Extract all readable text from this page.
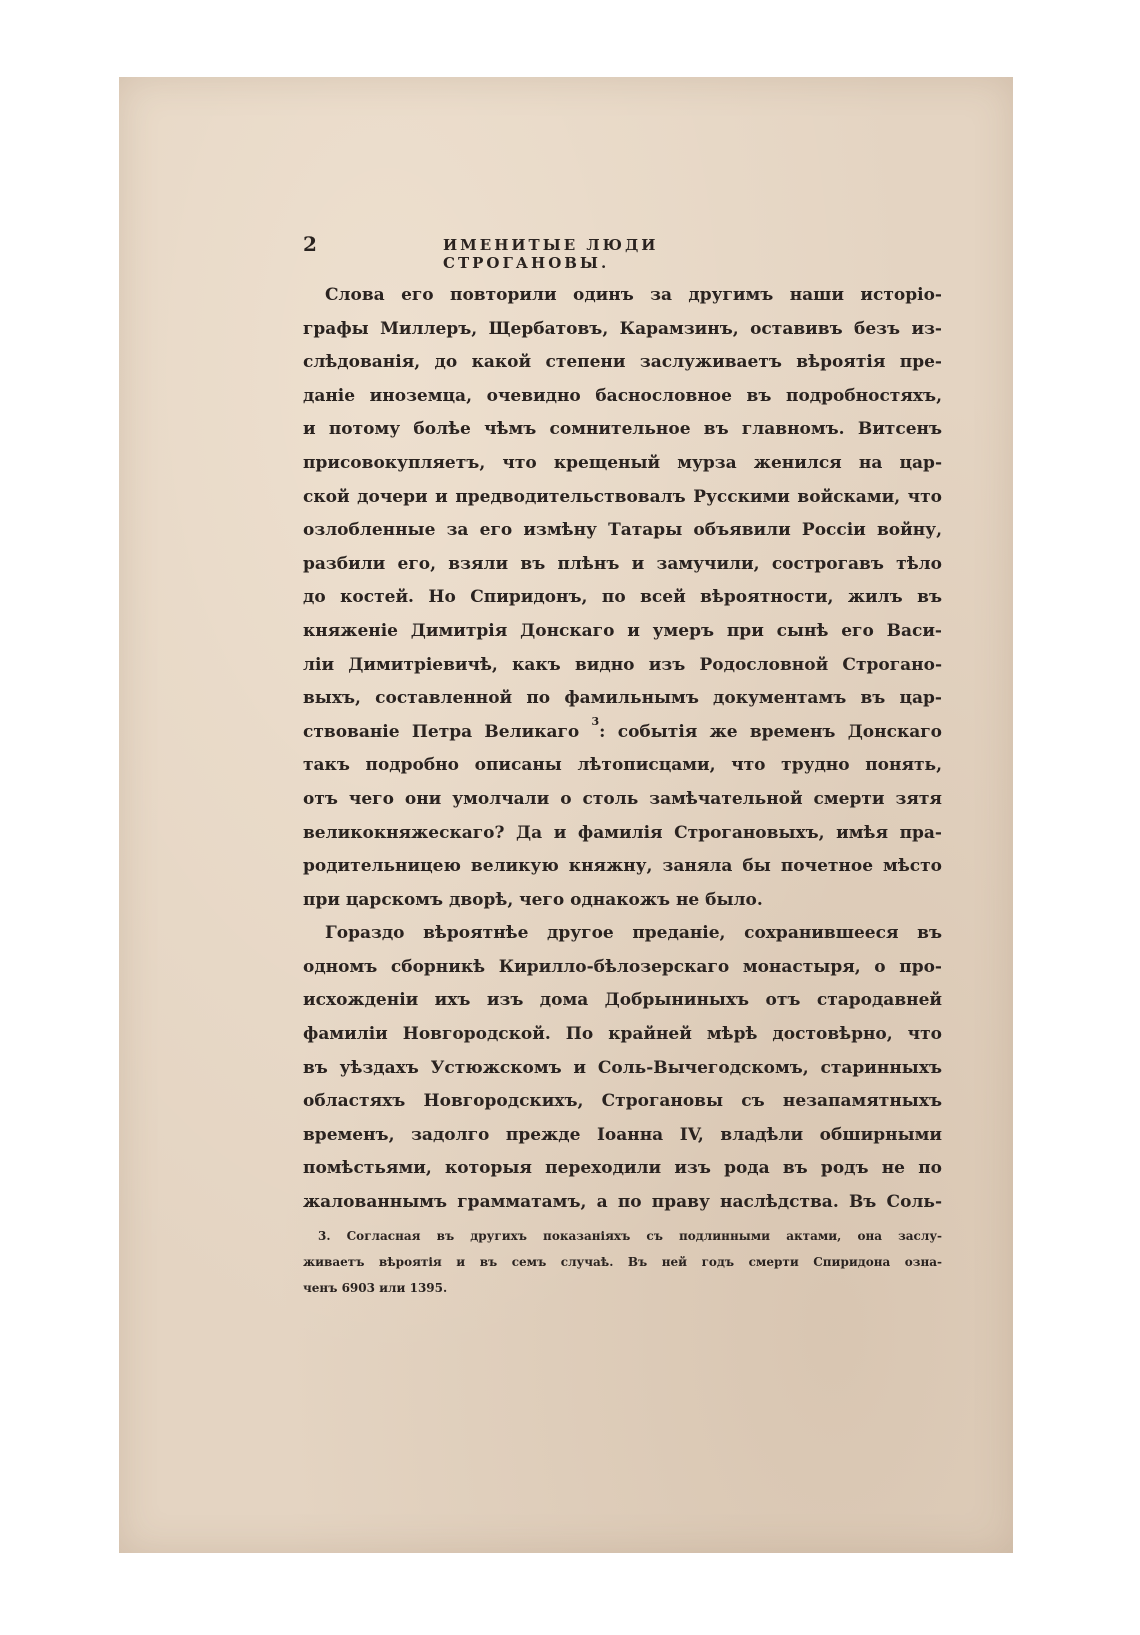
2	ИМЕНИТЫЕ ЛЮДИ СТРОГАНОВЫ.

Слова его повторили одинъ за другимъ наши исторіо-
графы Миллеръ, Щербатовъ, Карамзинъ, оставивъ безъ из-
слѣдованія, до какой степени заслуживаетъ вѣроятія пре-
даніе иноземца, очевидно баснословное въ подробностяхъ,
и потому болѣе чѣмъ сомнительное въ главномъ. Витсенъ
присовокупляетъ, что крещеный мурза женился на цар-
ской дочери и предводительствовалъ Русскими войсками, что
озлобленные за его измѣну Татары объявили Россіи войну,
разбили его, взяли въ плѣнъ и замучили, сострогавъ тѣло
до костей. Но Спиридонъ, по всей вѣроятности, жилъ въ
княженіе Димитрія Донскаго и умеръ при сынѣ его Васи-
ліи Димитріевичѣ, какъ видно изъ Родословной Строгано-
выхъ, составленной по фамильнымъ документамъ въ цар-
ствованіе Петра Великаго $^3$: событія же временъ Донскаго
такъ подробно описаны лѣтописцами, что трудно понять,
отъ чего они умолчали о столь замѣчательной смерти зятя
великокняжескаго? Да и фамилія Строгановыхъ, имѣя пра-
родительницею великую княжну, заняла бы почетное мѣсто
при царскомъ дворѣ, чего однакожъ не было.

Гораздо вѣроятнѣе другое преданіе, сохранившееся въ
одномъ сборникѣ Кирилло-бѣлозерскаго монастыря, о про-
исхожденіи ихъ изъ дома Добрыниныхъ отъ стародавней
фамиліи Новгородской. По крайней мѣрѣ достовѣрно, что
въ уѣздахъ Устюжскомъ и Соль-Вычегодскомъ, старинныхъ
областяхъ Новгородскихъ, Строгановы съ незапамятныхъ
временъ, задолго прежде Іоанна IV, владѣли обширными
помѣстьями, которыя переходили изъ рода въ родъ не по
жалованнымъ грамматамъ, а по праву наслѣдства. Въ Соль-

3. Согласная въ другихъ показаніяхъ съ подлинными актами, она заслу-
живаетъ вѣроятія и въ семъ случаѣ. Въ ней годъ смерти Спиридона озна-
ченъ 6903 или 1395.
